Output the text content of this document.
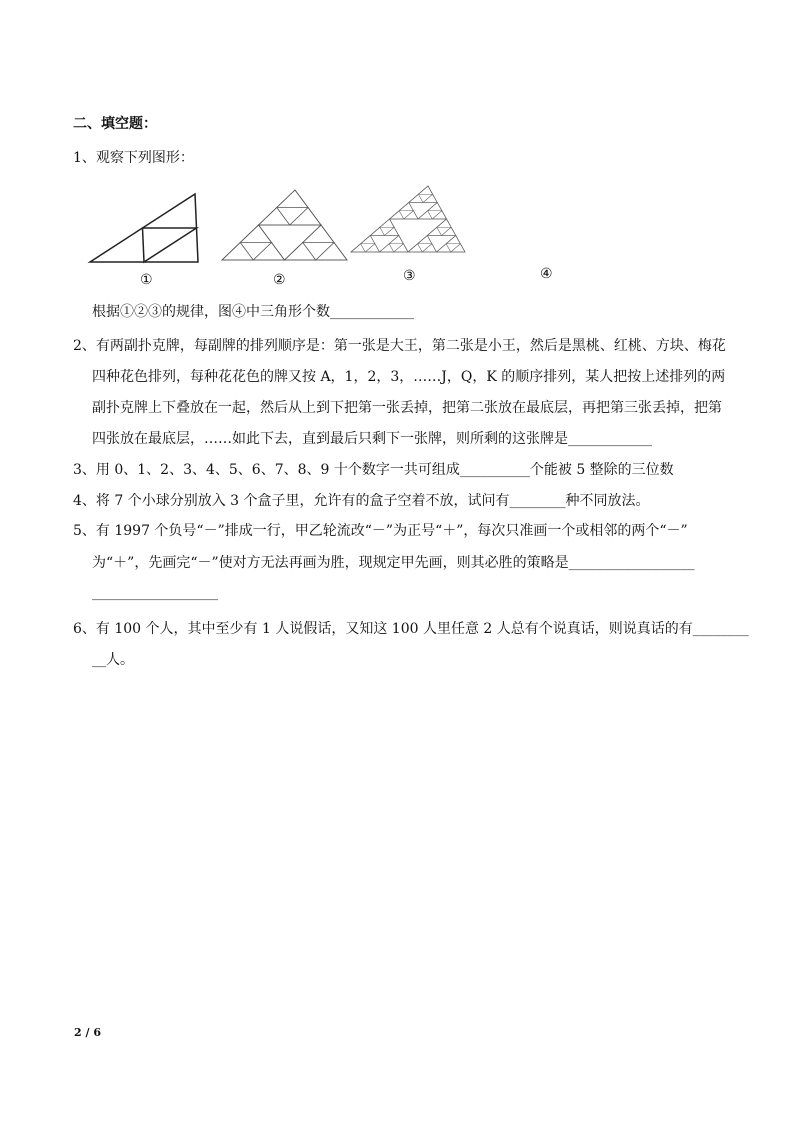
二、填空题：
1、观察下列图形：
①	②	③	④
根据①②③的规律，图④中三角形个数____________
2、有两副扑克牌，每副牌的排列顺序是：第一张是大王，第二张是小王，然后是黑桃、红桃、方块、梅花
四种花色排列，每种花花色的牌又按 A，1，2，3，……J，Q，K 的顺序排列，某人把按上述排列的两
副扑克牌上下叠放在一起，然后从上到下把第一张丢掉，把第二张放在最底层，再把第三张丢掉，把第
四张放在最底层，……如此下去，直到最后只剩下一张牌，则所剩的这张牌是____________
3、用 0、1、2、3、4、5、6、7、8、9 十个数字一共可组成__________个能被 5 整除的三位数
4、将 7 个小球分别放入 3 个盒子里，允许有的盒子空着不放，试问有________种不同放法。
5、有 1997 个负号“－”排成一行，甲乙轮流改“－”为正号“＋”，每次只准画一个或相邻的两个“－”
为“＋”，先画完“－”使对方无法再画为胜，现规定甲先画，则其必胜的策略是__________________
__________________
6、有 100 个人，其中至少有 1 人说假话，又知这 100 人里任意 2 人总有个说真话，则说真话的有________
__人。
2 / 6
